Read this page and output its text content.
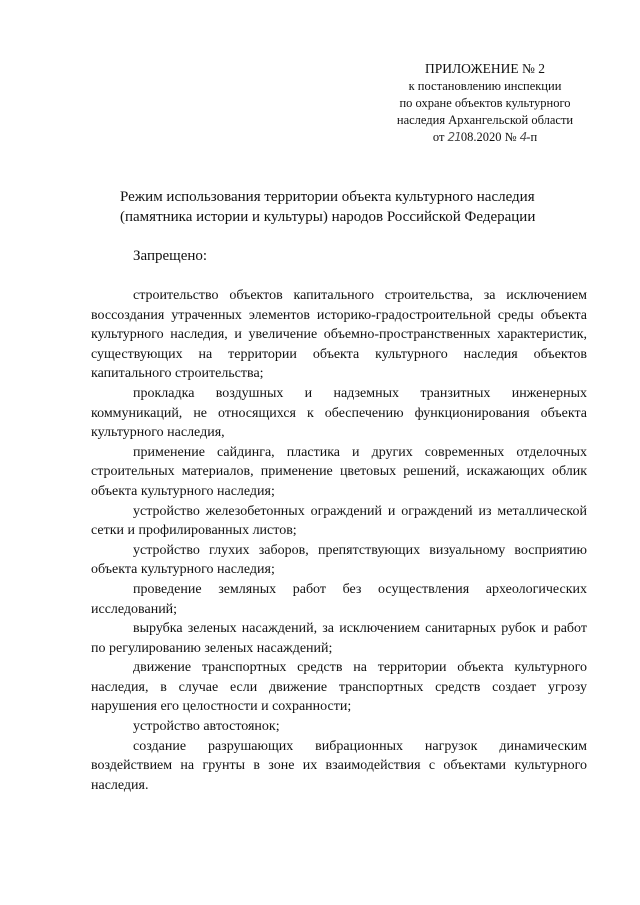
ПРИЛОЖЕНИЕ № 2
к постановлению инспекции
по охране объектов культурного
наследия Архангельской области
от 2108.2020 № 4-п
Режим использования территории объекта культурного наследия
(памятника истории и культуры) народов Российской Федерации
Запрещено:

строительство объектов капитального строительства, за исключением воссоздания утраченных элементов историко-градостроительной среды объекта культурного наследия, и увеличение объемно-пространственных характеристик, существующих на территории объекта культурного наследия объектов капитального строительства;

прокладка воздушных и надземных транзитных инженерных коммуникаций, не относящихся к обеспечению функционирования объекта культурного наследия,

применение сайдинга, пластика и других современных отделочных строительных материалов, применение цветовых решений, искажающих облик объекта культурного наследия;

устройство железобетонных ограждений и ограждений из металлической сетки и профилированных листов;

устройство глухих заборов, препятствующих визуальному восприятию объекта культурного наследия;

проведение земляных работ без осуществления археологических исследований;

вырубка зеленых насаждений, за исключением санитарных рубок и работ по регулированию зеленых насаждений;

движение транспортных средств на территории объекта культурного наследия, в случае если движение транспортных средств создает угрозу нарушения его целостности и сохранности;

устройство автостоянок;

создание разрушающих вибрационных нагрузок динамическим воздействием на грунты в зоне их взаимодействия с объектами культурного наследия.
